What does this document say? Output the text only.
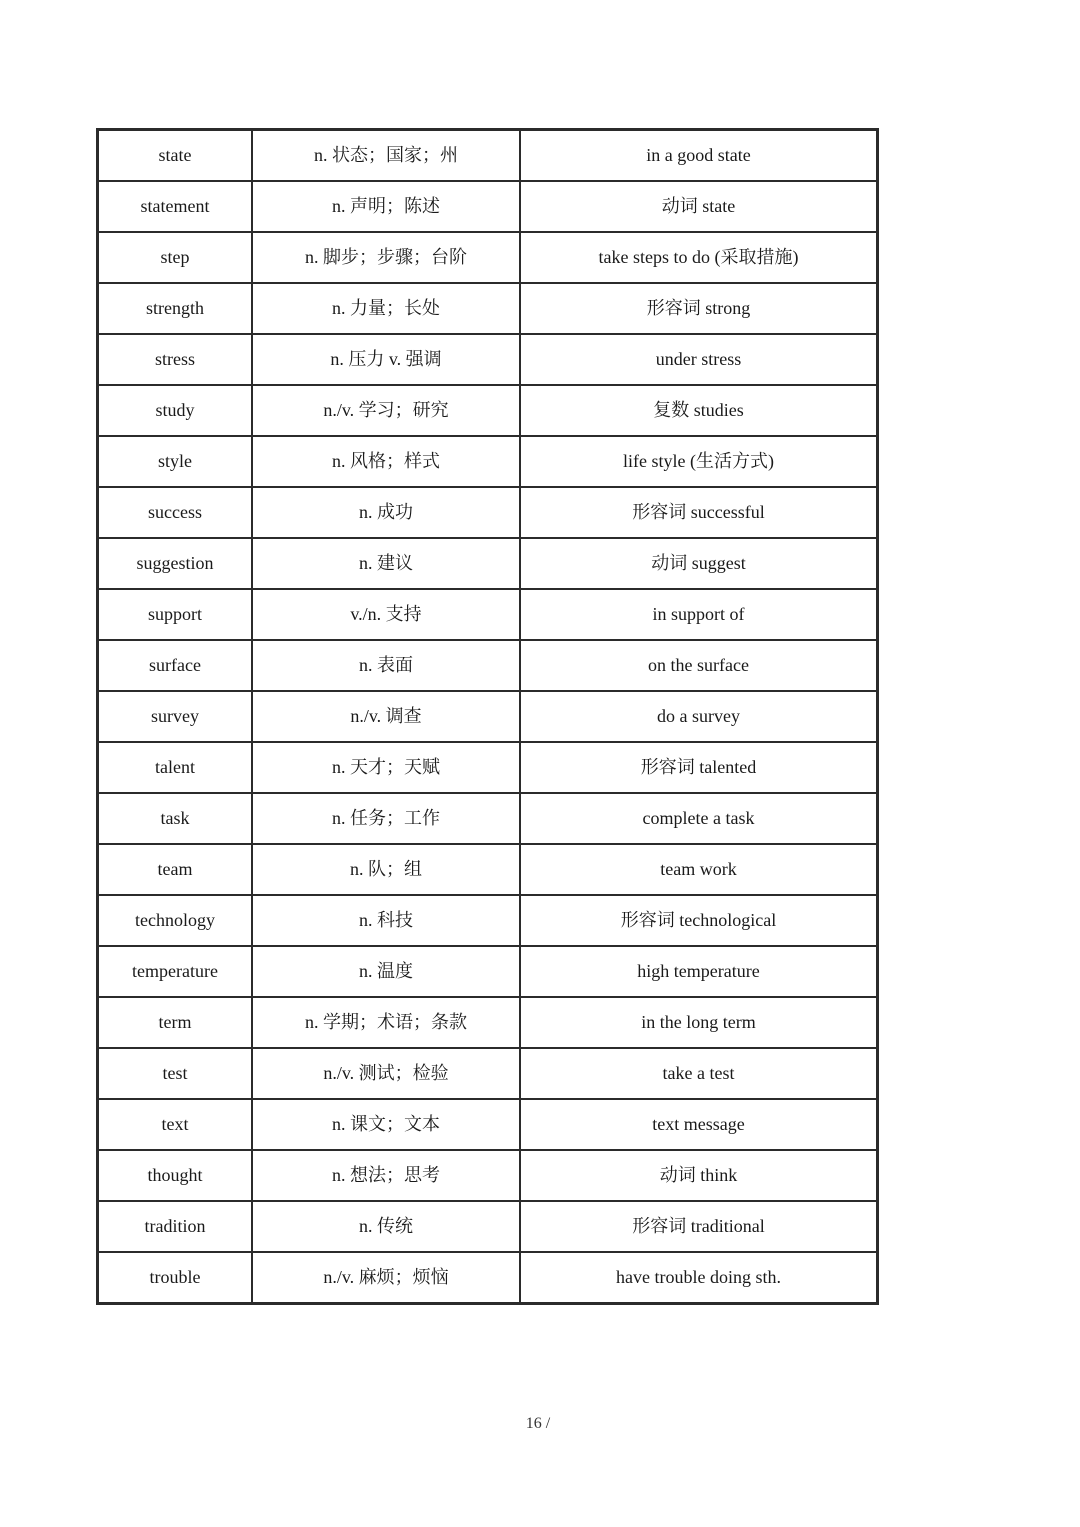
state	n. 状态；国家；州	in a good state
statement	n. 声明；陈述	动词 state
step	n. 脚步；步骤；台阶	take steps to do (采取措施)
strength	n. 力量；长处	形容词 strong
stress	n. 压力 v. 强调	under stress
study	n./v. 学习；研究	复数 studies
style	n. 风格；样式	life style (生活方式)
success	n. 成功	形容词 successful
suggestion	n. 建议	动词 suggest
support	v./n. 支持	in support of
surface	n. 表面	on the surface
survey	n./v. 调查	do a survey
talent	n. 天才；天赋	形容词 talented
task	n. 任务；工作	complete a task
team	n. 队；组	team work
technology	n. 科技	形容词 technological
temperature	n. 温度	high temperature
term	n. 学期；术语；条款	in the long term
test	n./v. 测试；检验	take a test
text	n. 课文；文本	text message
thought	n. 想法；思考	动词 think
tradition	n. 传统	形容词 traditional
trouble	n./v. 麻烦；烦恼	have trouble doing sth.
16 /
